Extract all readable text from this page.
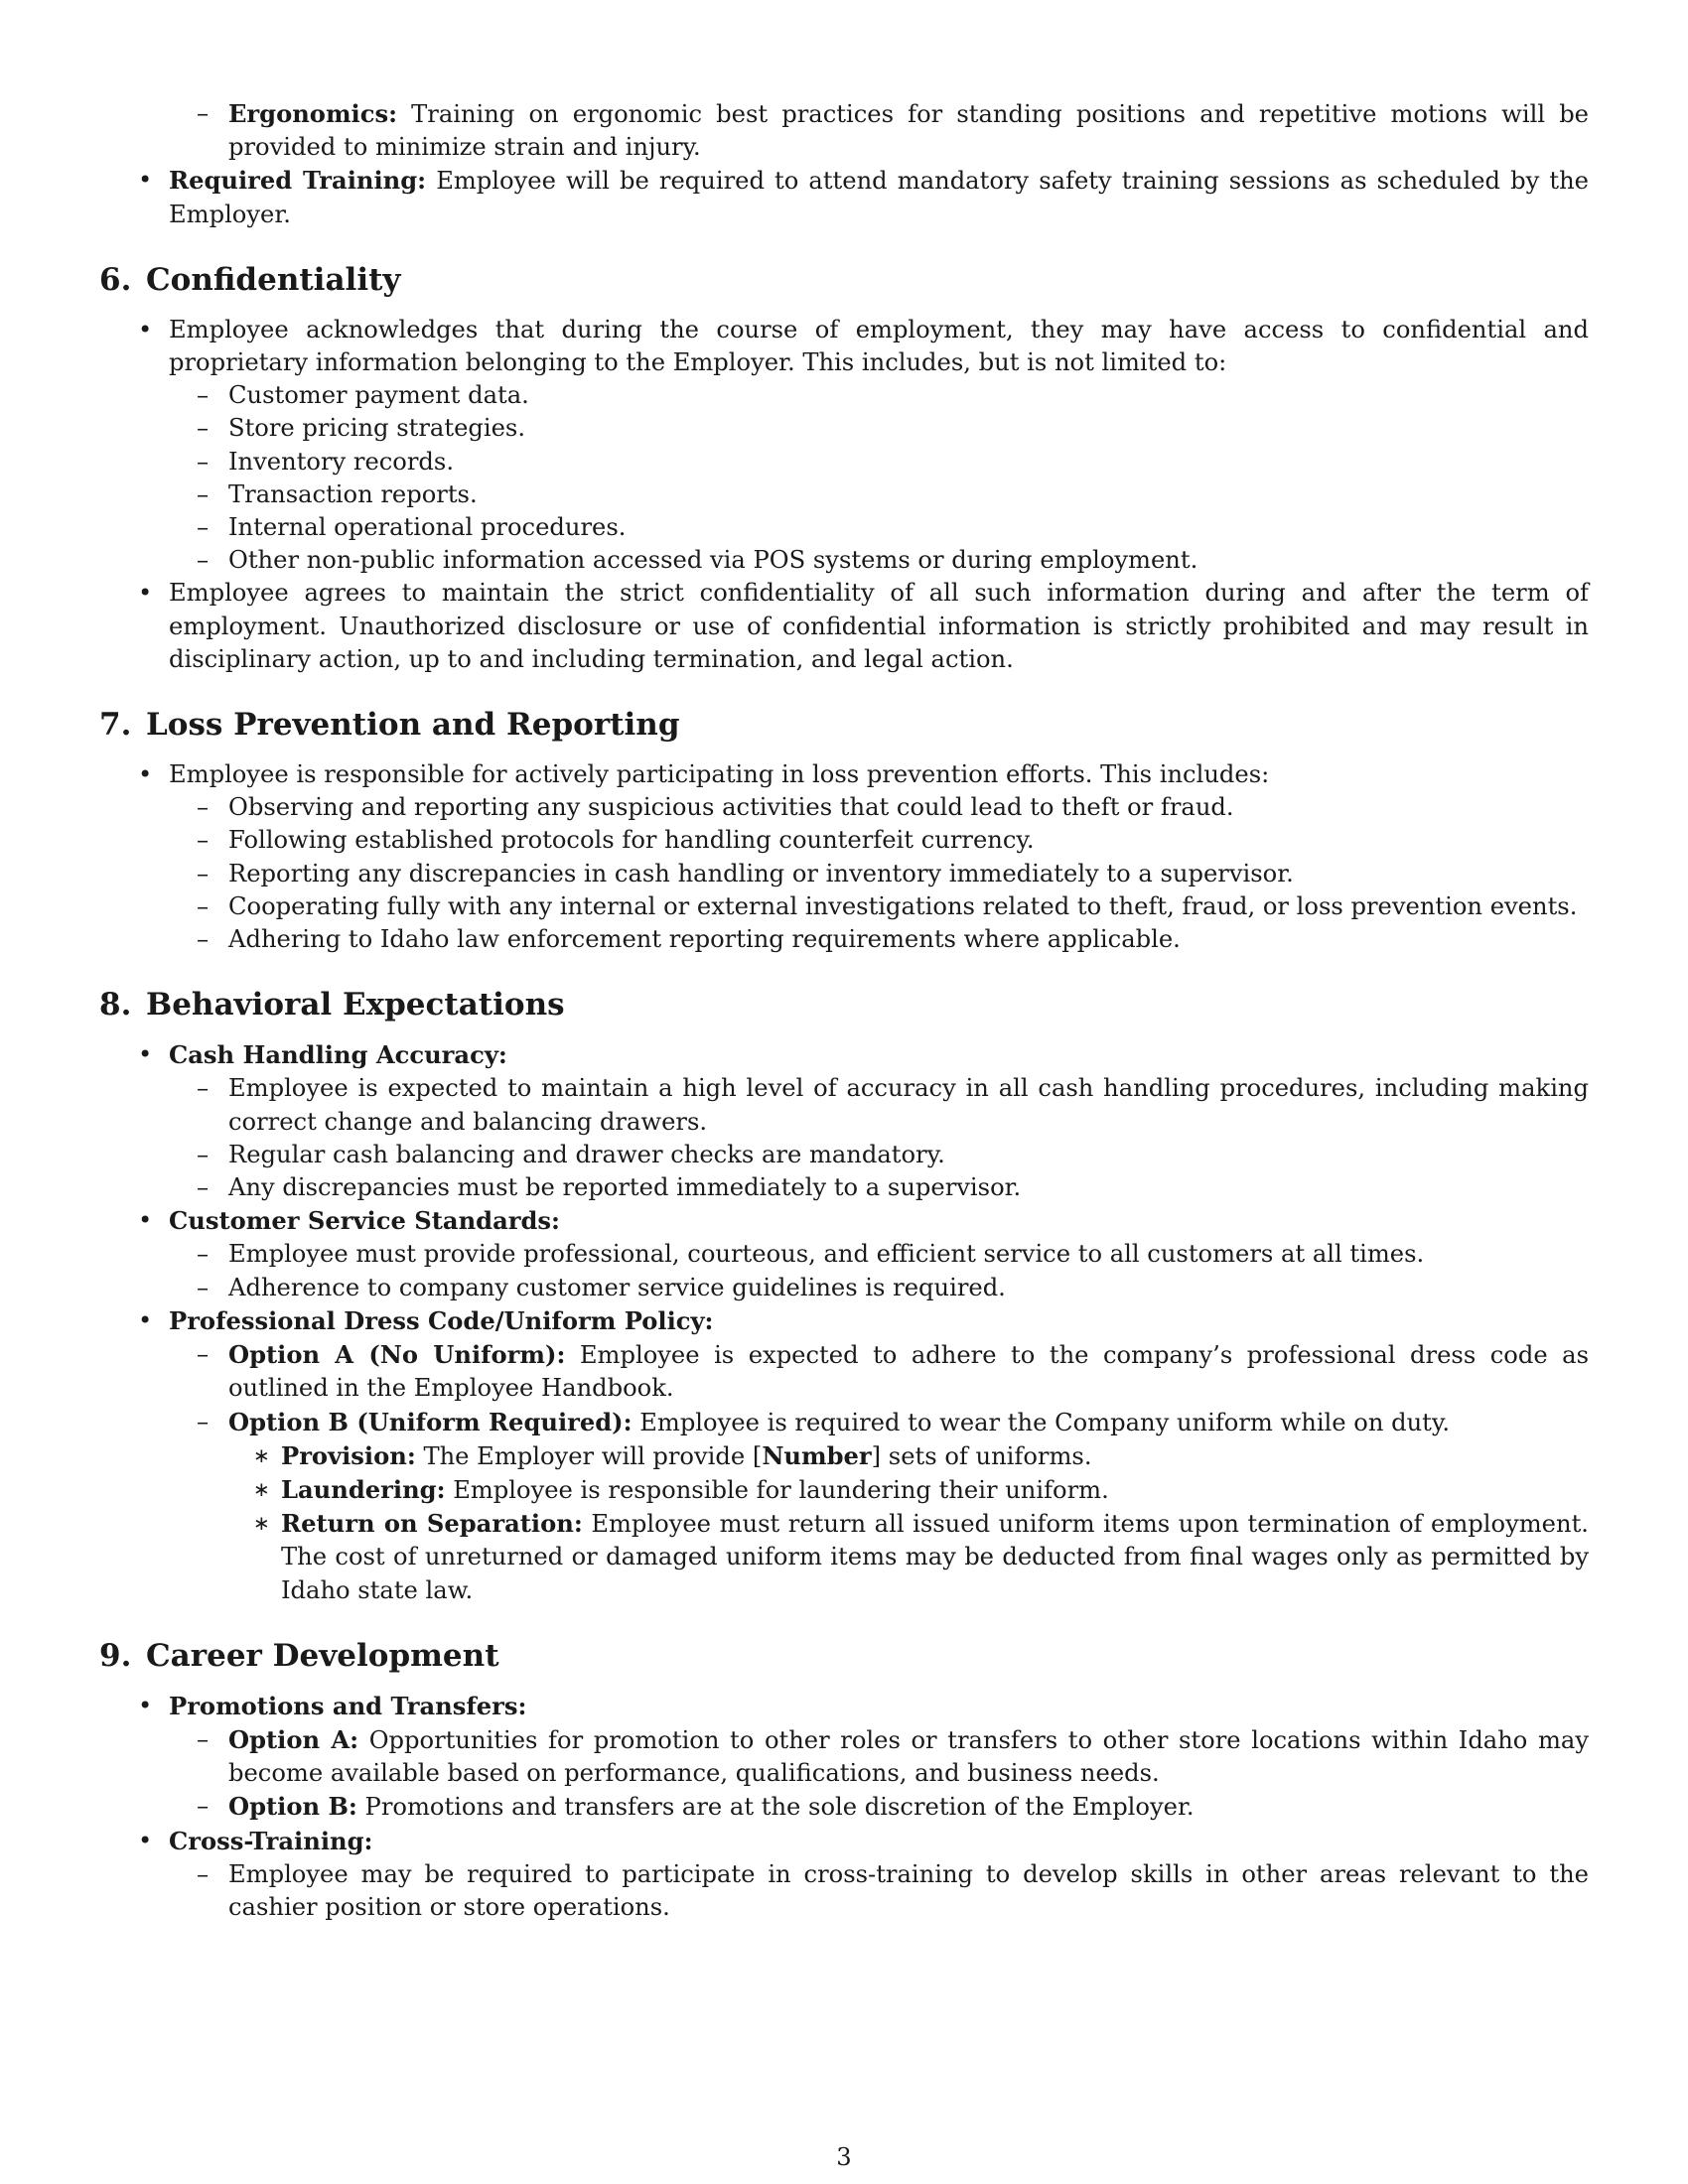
– Ergonomics: Training on ergonomic best practices for standing positions and repetitive motions will be provided to minimize strain and injury.
• Required Training: Employee will be required to attend mandatory safety training sessions as scheduled by the Employer.
6. Confidentiality
• Employee acknowledges that during the course of employment, they may have access to confidential and proprietary information belonging to the Employer. This includes, but is not limited to:
– Customer payment data.
– Store pricing strategies.
– Inventory records.
– Transaction reports.
– Internal operational procedures.
– Other non-public information accessed via POS systems or during employment.
• Employee agrees to maintain the strict confidentiality of all such information during and after the term of employment. Unauthorized disclosure or use of confidential information is strictly prohibited and may result in disciplinary action, up to and including termination, and legal action.
7. Loss Prevention and Reporting
• Employee is responsible for actively participating in loss prevention efforts. This includes:
– Observing and reporting any suspicious activities that could lead to theft or fraud.
– Following established protocols for handling counterfeit currency.
– Reporting any discrepancies in cash handling or inventory immediately to a supervisor.
– Cooperating fully with any internal or external investigations related to theft, fraud, or loss prevention events.
– Adhering to Idaho law enforcement reporting requirements where applicable.
8. Behavioral Expectations
• Cash Handling Accuracy:
– Employee is expected to maintain a high level of accuracy in all cash handling procedures, including making correct change and balancing drawers.
– Regular cash balancing and drawer checks are mandatory.
– Any discrepancies must be reported immediately to a supervisor.
• Customer Service Standards:
– Employee must provide professional, courteous, and efficient service to all customers at all times.
– Adherence to company customer service guidelines is required.
• Professional Dress Code/Uniform Policy:
– Option A (No Uniform): Employee is expected to adhere to the company’s professional dress code as outlined in the Employee Handbook.
– Option B (Uniform Required): Employee is required to wear the Company uniform while on duty.
∗ Provision: The Employer will provide [Number] sets of uniforms.
∗ Laundering: Employee is responsible for laundering their uniform.
∗ Return on Separation: Employee must return all issued uniform items upon termination of employment. The cost of unreturned or damaged uniform items may be deducted from final wages only as permitted by Idaho state law.
9. Career Development
• Promotions and Transfers:
– Option A: Opportunities for promotion to other roles or transfers to other store locations within Idaho may become available based on performance, qualifications, and business needs.
– Option B: Promotions and transfers are at the sole discretion of the Employer.
• Cross-Training:
– Employee may be required to participate in cross-training to develop skills in other areas relevant to the cashier position or store operations.
3
